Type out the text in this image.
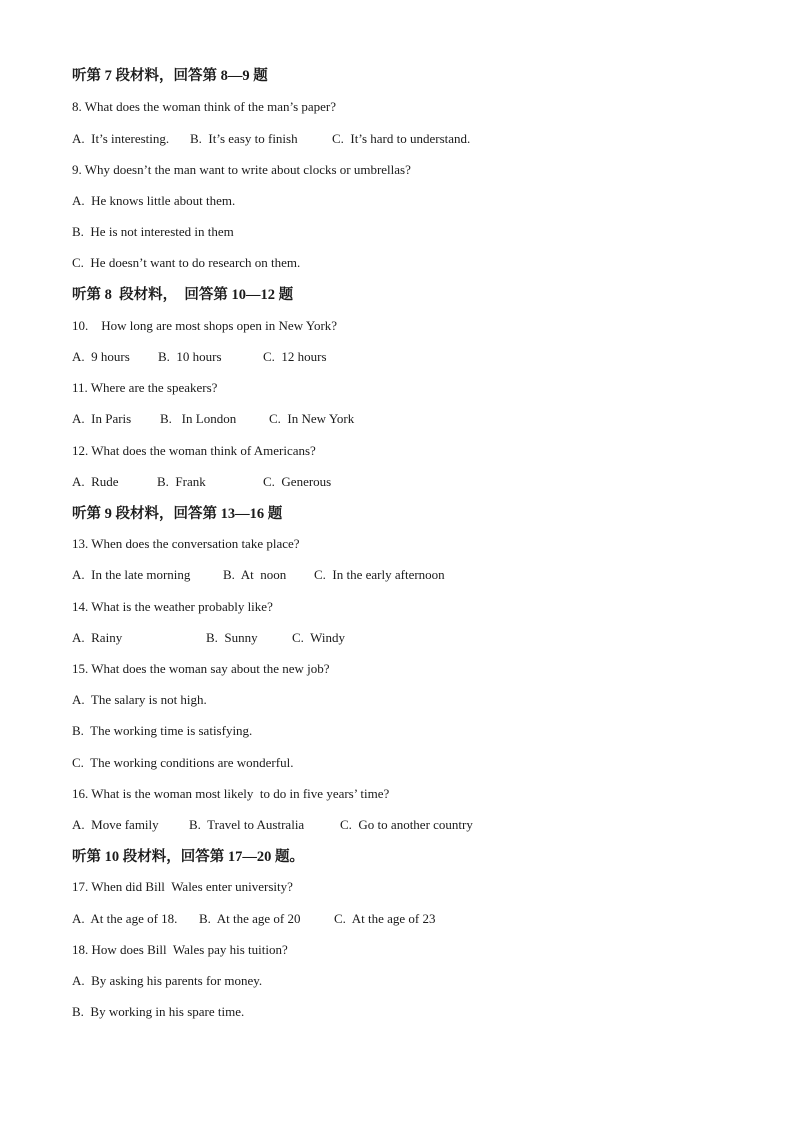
听第 7 段材料，回答第 8—9 题
8. What does the woman think of the man’s paper?

A.  It’s interesting.

B.  It’s easy to finish

	C.  It’s hard to understand.

9. Why doesn’t the man want to write about clocks or umbrellas?
A.  He knows little about them.
B.  He is not interested in them
C.  He doesn’t want to do research on them.
听第 8  段材料，  回答第 10—12 题
10.    How long are most shops open in New York?

A.  9 hours

B.  10 hours

	C.  12 hours

11. Where are the speakers?

A.  In Paris

B.   In London

	C.  In New York

12. What does the woman think of Americans?

A.  Rude

	B.  Frank

	C.  Generous

听第 9 段材料，回答第 13—16 题
13. When does the conversation take place?

A.  In the late morning

	B.  At  noon

C.  In the early afternoon

14. What is the weather probably like?

A.  Rainy

	B.  Sunny

	C.  Windy

15. What does the woman say about the new job?
A.  The salary is not high.
B.  The working time is satisfying.
C.  The working conditions are wonderful.
16. What is the woman most likely  to do in five years’ time?

A.  Move family

B.  Travel to Australia

	C.  Go to another country

听第 10 段材料，回答第 17—20 题。
17. When did Bill  Wales enter university?

A.  At the age of 18.

B.  At the age of 20

	C.  At the age of 23

18. How does Bill  Wales pay his tuition?
A.  By asking his parents for money.
B.  By working in his spare time.
